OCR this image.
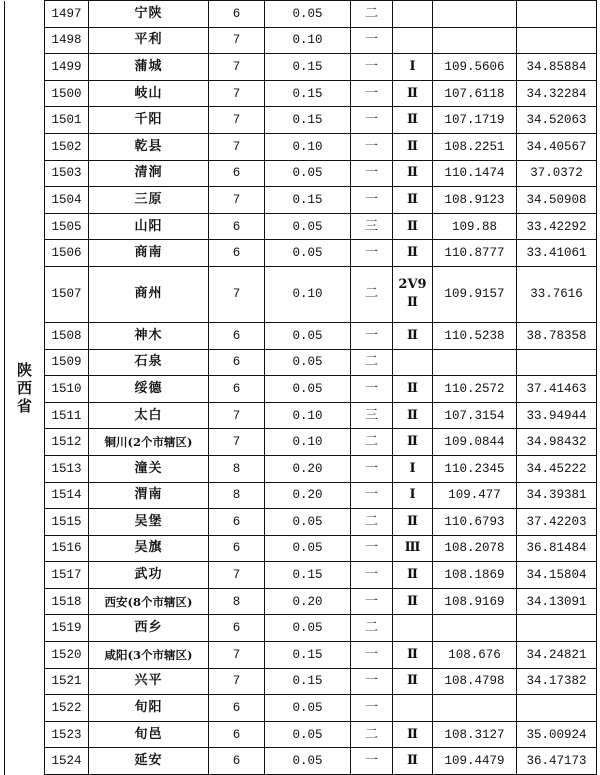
陕西省	1497	宁陕	6	0.05	二			
	1498	平利	7	0.10	一			
	1499	蒲城	7	0.15	一	Ⅰ	109.5606	34.85884
	1500	岐山	7	0.15	一	Ⅱ	107.6118	34.32284
	1501	千阳	7	0.15	一	Ⅱ	107.1719	34.52063
	1502	乾县	7	0.10	一	Ⅱ	108.2251	34.40567
	1503	清涧	6	0.05	一	Ⅱ	110.1474	37.0372
	1504	三原	7	0.15	一	Ⅱ	108.9123	34.50908
	1505	山阳	6	0.05	三	Ⅱ	109.88	33.42292
	1506	商南	6	0.05	一	Ⅱ	110.8777	33.41061
	1507	商州	7	0.10	二	2V9 Ⅱ	109.9157	33.7616
	1508	神木	6	0.05	一	Ⅱ	110.5238	38.78358
	1509	石泉	6	0.05	二			
	1510	绥德	6	0.05	一	Ⅱ	110.2572	37.41463
	1511	太白	7	0.10	三	Ⅱ	107.3154	33.94944
	1512	铜川(2个市辖区)	7	0.10	二	Ⅱ	109.0844	34.98432
	1513	潼关	8	0.20	一	Ⅰ	110.2345	34.45222
	1514	渭南	8	0.20	一	Ⅰ	109.477	34.39381
	1515	吴堡	6	0.05	二	Ⅱ	110.6793	37.42203
	1516	吴旗	6	0.05	一	Ⅲ	108.2078	36.81484
	1517	武功	7	0.15	一	Ⅱ	108.1869	34.15804
	1518	西安(8个市辖区)	8	0.20	一	Ⅱ	108.9169	34.13091
	1519	西乡	6	0.05	二			
	1520	咸阳(3个市辖区)	7	0.15	一	Ⅱ	108.676	34.24821
	1521	兴平	7	0.15	一	Ⅱ	108.4798	34.17382
	1522	旬阳	6	0.05	一			
	1523	旬邑	6	0.05	二	Ⅱ	108.3127	35.00924
	1524	延安	6	0.05	一	Ⅱ	109.4479	36.47173
